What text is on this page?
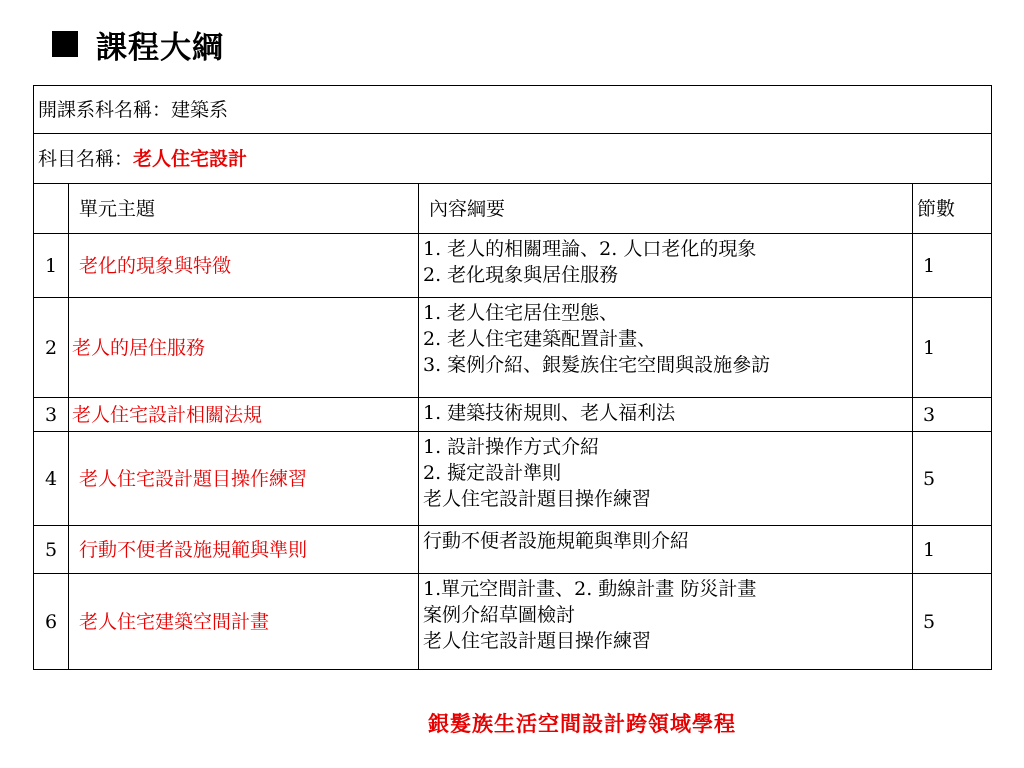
課程大綱
開課系科名稱：建築系			
科目名稱：老人住宅設計			
	單元主題	內容綱要	節數
1	老化的現象與特徵	1. 老人的相關理論、2. 人口老化的現象
2. 老化現象與居住服務	1
2	老人的居住服務	1. 老人住宅居住型態、
2. 老人住宅建築配置計畫、
3. 案例介紹、銀髮族住宅空間與設施參訪	1
3	老人住宅設計相關法規	1. 建築技術規則、老人福利法	3
4	老人住宅設計題目操作練習	1. 設計操作方式介紹
2. 擬定設計準則
老人住宅設計題目操作練習	5
5	行動不便者設施規範與準則	行動不便者設施規範與準則介紹	1
6	老人住宅建築空間計畫	1.單元空間計畫、2. 動線計畫 防災計畫
案例介紹草圖檢討
老人住宅設計題目操作練習	5
銀髮族生活空間設計跨領域學程
